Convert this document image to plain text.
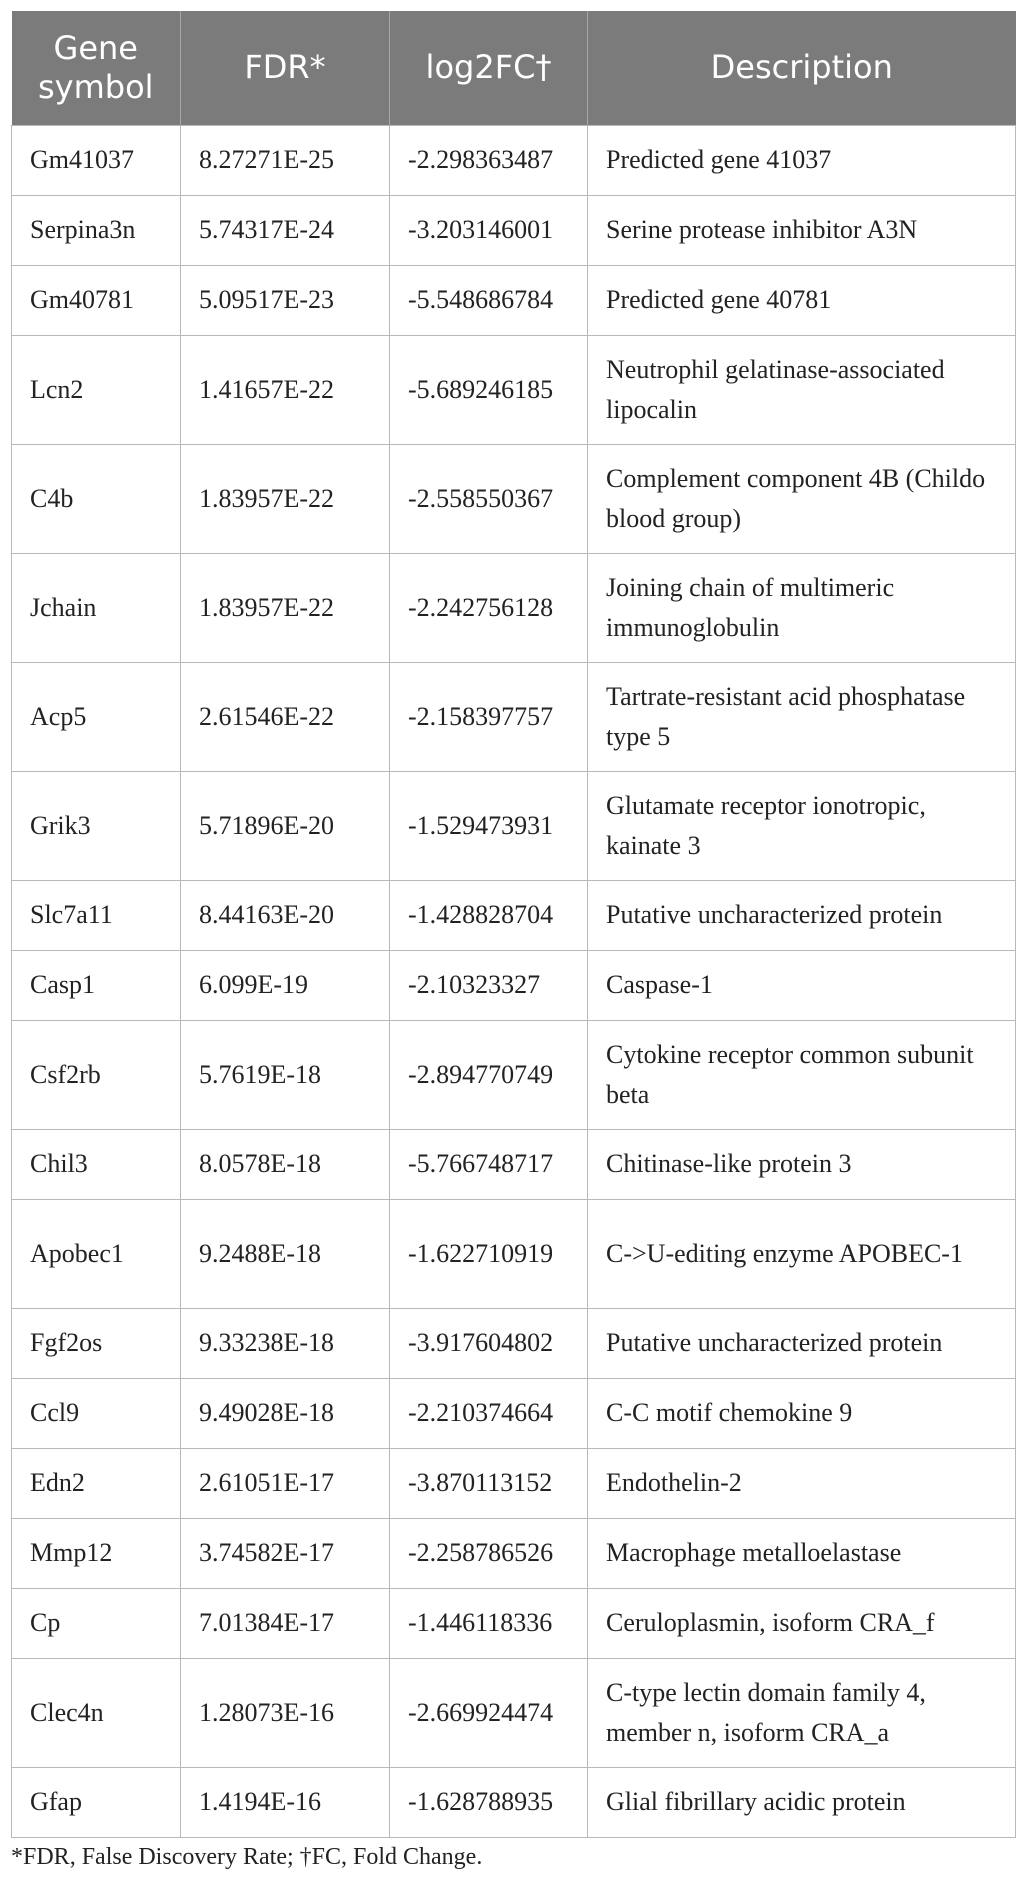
Gene symbol	FDR*	log2FC†	Description
Gm41037	8.27271E-25	-2.298363487	Predicted gene 41037
Serpina3n	5.74317E-24	-3.203146001	Serine protease inhibitor A3N
Gm40781	5.09517E-23	-5.548686784	Predicted gene 40781
Lcn2	1.41657E-22	-5.689246185	Neutrophil gelatinase-associated lipocalin
C4b	1.83957E-22	-2.558550367	Complement component 4B (Childo blood group)
Jchain	1.83957E-22	-2.242756128	Joining chain of multimeric immunoglobulin
Acp5	2.61546E-22	-2.158397757	Tartrate-resistant acid phosphatase type 5
Grik3	5.71896E-20	-1.529473931	Glutamate receptor ionotropic, kainate 3
Slc7a11	8.44163E-20	-1.428828704	Putative uncharacterized protein
Casp1	6.099E-19	-2.10323327	Caspase-1
Csf2rb	5.7619E-18	-2.894770749	Cytokine receptor common subunit beta
Chil3	8.0578E-18	-5.766748717	Chitinase-like protein 3
Apobec1	9.2488E-18	-1.622710919	C->U-editing enzyme APOBEC-1
Fgf2os	9.33238E-18	-3.917604802	Putative uncharacterized protein
Ccl9	9.49028E-18	-2.210374664	C-C motif chemokine 9
Edn2	2.61051E-17	-3.870113152	Endothelin-2
Mmp12	3.74582E-17	-2.258786526	Macrophage metalloelastase
Cp	7.01384E-17	-1.446118336	Ceruloplasmin, isoform CRA_f
Clec4n	1.28073E-16	-2.669924474	C-type lectin domain family 4, member n, isoform CRA_a
Gfap	1.4194E-16	-1.628788935	Glial fibrillary acidic protein
*FDR, False Discovery Rate; †FC, Fold Change.
